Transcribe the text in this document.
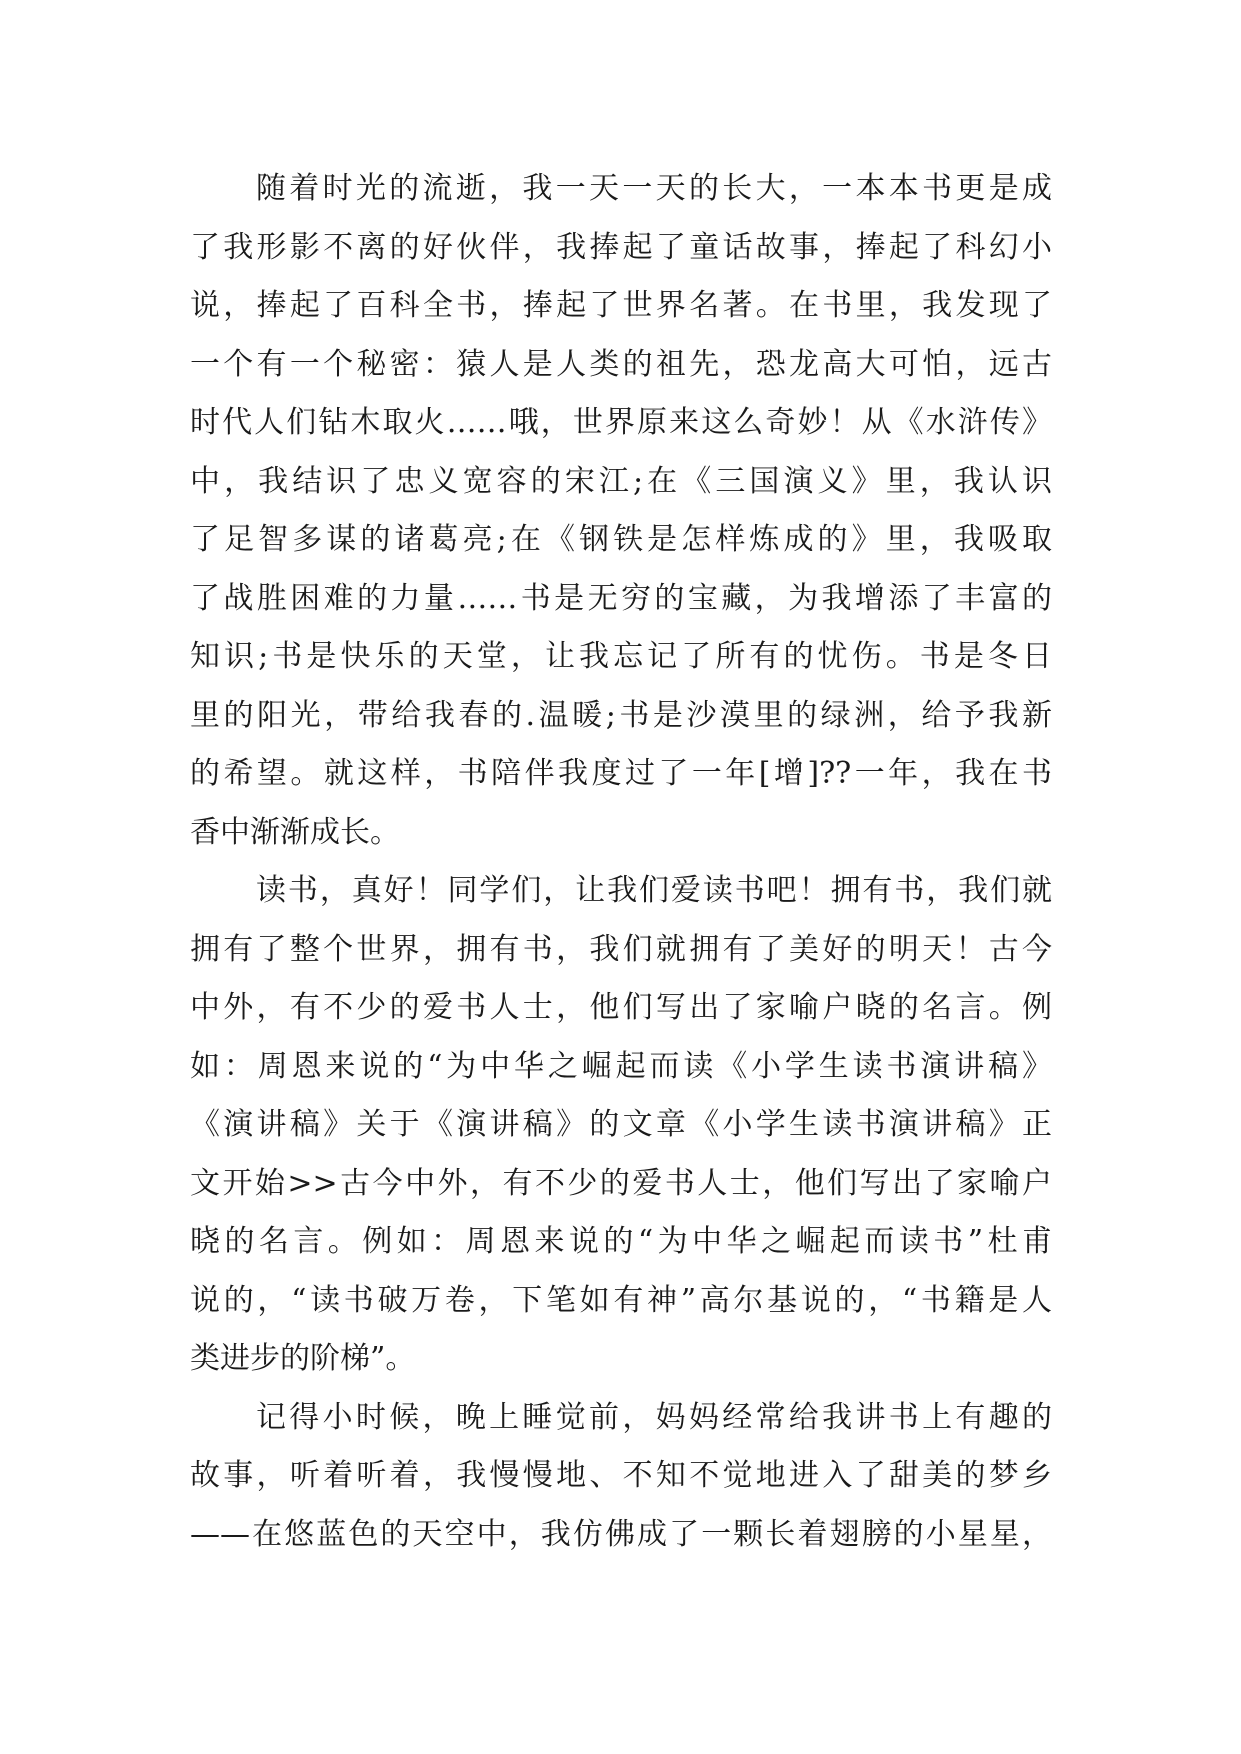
随着时光的流逝，我一天一天的长大，一本本书更是成
了我形影不离的好伙伴，我捧起了童话故事，捧起了科幻小
说，捧起了百科全书，捧起了世界名著。在书里，我发现了
一个有一个秘密：猿人是人类的祖先，恐龙高大可怕，远古
时代人们钻木取火……哦，世界原来这么奇妙！从《水浒传》
中，我结识了忠义宽容的宋江;在《三国演义》里，我认识
了足智多谋的诸葛亮;在《钢铁是怎样炼成的》里，我吸取
了战胜困难的力量……书是无穷的宝藏，为我增添了丰富的
知识;书是快乐的天堂，让我忘记了所有的忧伤。书是冬日
里的阳光，带给我春的.温暖;书是沙漠里的绿洲，给予我新
的希望。就这样，书陪伴我度过了一年[增]??一年，我在书
香中渐渐成长。
读书，真好！同学们，让我们爱读书吧！拥有书，我们就
拥有了整个世界，拥有书，我们就拥有了美好的明天！古今
中外，有不少的爱书人士，他们写出了家喻户晓的名言。例
如：周恩来说的“为中华之崛起而读《小学生读书演讲稿》
《演讲稿》关于《演讲稿》的文章《小学生读书演讲稿》正
文开始>>古今中外，有不少的爱书人士，他们写出了家喻户
晓的名言。例如：周恩来说的“为中华之崛起而读书”杜甫
说的，“读书破万卷，下笔如有神”高尔基说的，“书籍是人
类进步的阶梯”。
记得小时候，晚上睡觉前，妈妈经常给我讲书上有趣的
故事，听着听着，我慢慢地、不知不觉地进入了甜美的梦乡
——在悠蓝色的天空中，我仿佛成了一颗长着翅膀的小星星，
